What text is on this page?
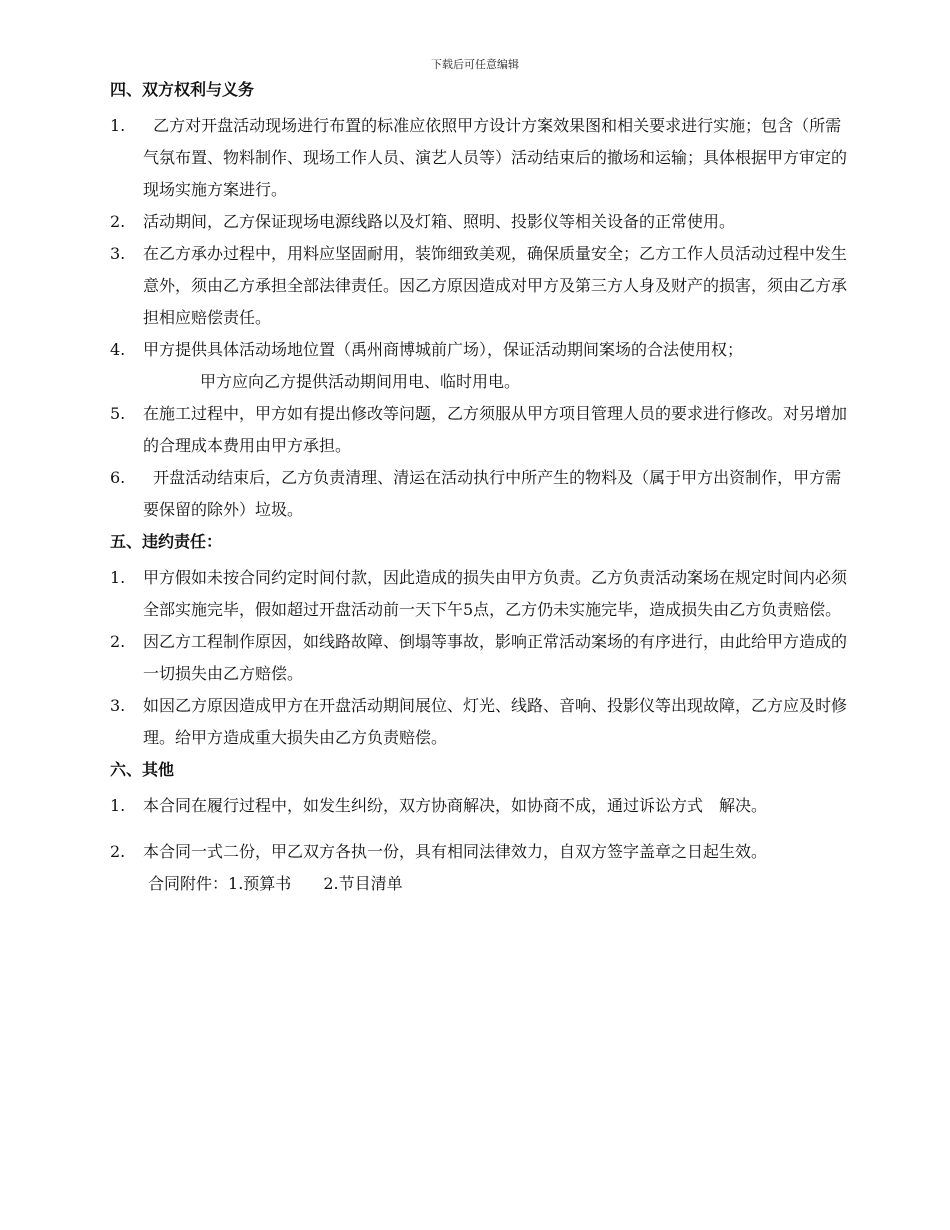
下载后可任意编辑
四、双方权利与义务
1.	乙方对开盘活动现场进行布置的标准应依照甲方设计方案效果图和相关要求进行实施；包含（所需气氛布置、物料制作、现场工作人员、演艺人员等）活动结束后的撤场和运输；具体根据甲方审定的现场实施方案进行。
2.	活动期间，乙方保证现场电源线路以及灯箱、照明、投影仪等相关设备的正常使用。
3.	在乙方承办过程中，用料应坚固耐用，装饰细致美观，确保质量安全；乙方工作人员活动过程中发生意外，须由乙方承担全部法律责任。因乙方原因造成对甲方及第三方人身及财产的损害，须由乙方承担相应赔偿责任。
4.	甲方提供具体活动场地位置（禹州商博城前广场），保证活动期间案场的合法使用权；
甲方应向乙方提供活动期间用电、临时用电。
5.	在施工过程中，甲方如有提出修改等问题，乙方须服从甲方项目管理人员的要求进行修改。对另增加的合理成本费用由甲方承担。
6.	开盘活动结束后，乙方负责清理、清运在活动执行中所产生的物料及（属于甲方出资制作，甲方需要保留的除外）垃圾。
五、违约责任：
1.	甲方假如未按合同约定时间付款，因此造成的损失由甲方负责。乙方负责活动案场在规定时间内必须全部实施完毕，假如超过开盘活动前一天下午5点，乙方仍未实施完毕，造成损失由乙方负责赔偿。
2.	因乙方工程制作原因，如线路故障、倒塌等事故，影响正常活动案场的有序进行，由此给甲方造成的一切损失由乙方赔偿。
3.	如因乙方原因造成甲方在开盘活动期间展位、灯光、线路、音响、投影仪等出现故障，乙方应及时修理。给甲方造成重大损失由乙方负责赔偿。
六、其他
1.	本合同在履行过程中，如发生纠纷，双方协商解决，如协商不成，通过诉讼方式　解决。
2.	本合同一式二份，甲乙双方各执一份，具有相同法律效力，自双方签字盖章之日起生效。
合同附件：1.预算书　　 2.节目清单
